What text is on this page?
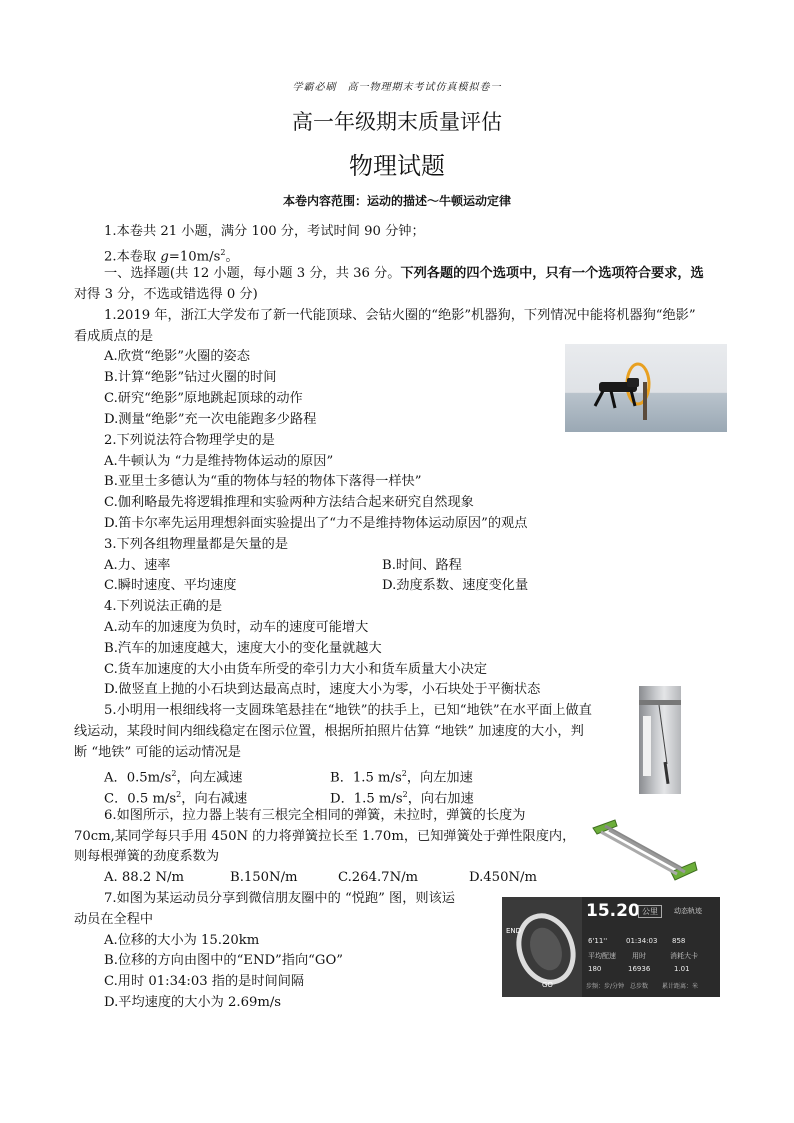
学霸必刷　高一物理期末考试仿真模拟卷一
高一年级期末质量评估
物理试题
本卷内容范围：运动的描述～牛顿运动定律
1.本卷共 21 小题，满分 100 分，考试时间 90 分钟；
2.本卷取 $g=10m/s^2$。
一、选择题(共 12 小题，每小题 3 分，共 36 分。下列各题的四个选项中，只有一个选项符合要求，选
对得 3 分，不选或错选得 0 分)
1.2019 年，浙江大学发布了新一代能顶球、会钻火圈的“绝影”机器狗，下列情况中能将机器狗“绝影”
看成质点的是
A.欣赏“绝影”火圈的姿态
B.计算“绝影”钻过火圈的时间
C.研究“绝影”原地跳起顶球的动作
D.测量“绝影”充一次电能跑多少路程
2.下列说法符合物理学史的是
A.牛顿认为 “力是维持物体运动的原因”
B.亚里士多德认为“重的物体与轻的物体下落得一样快”
C.伽利略最先将逻辑推理和实验两种方法结合起来研究自然现象
D.笛卡尔率先运用理想斜面实验提出了“力不是维持物体运动原因”的观点
3.下列各组物理量都是矢量的是
A.力、速率	B.时间、路程
C.瞬时速度、平均速度	D.劲度系数、速度变化量
4.下列说法正确的是
A.动车的加速度为负时，动车的速度可能增大
B.汽车的加速度越大，速度大小的变化量就越大
C.货车加速度的大小由货车所受的牵引力大小和货车质量大小决定
D.做竖直上抛的小石块到达最高点时，速度大小为零，小石块处于平衡状态
5.小明用一根细线将一支圆珠笔悬挂在“地铁”的扶手上，已知“地铁”在水平面上做直
线运动，某段时间内细线稳定在图示位置，根据所拍照片估算 “地铁” 加速度的大小，判
断 “地铁” 可能的运动情况是
A．$0.5m/s^2$，向左减速	B．1.5 $m/s^2$，向左加速
C．0.5 $m/s^2$，向右减速	D．1.5 $m/s^2$，向右加速
6.如图所示，拉力器上装有三根完全相同的弹簧，未拉时，弹簧的长度为
70cm,某同学每只手用 450N 的力将弹簧拉长至 1.70m，已知弹簧处于弹性限度内，
则每根弹簧的劲度系数为
A. 88.2 N/m	B.150N/m	C.264.7N/m	D.450N/m
7.如图为某运动员分享到微信朋友圈中的 “悦跑” 图，则该运
动员在全程中
A.位移的大小为 15.20km
B.位移的方向由图中的“END”指向“GO”
C.用时 01:34:03 指的是时间间隔
D.平均速度的大小为 2.69m/s
END
GO
15.20 公里	动态轨迹
6'11''	01:34:03 858
平均配速 用时	消耗大卡
180	16936	1.01
步频：步/分钟 总步数 累计距离：米
